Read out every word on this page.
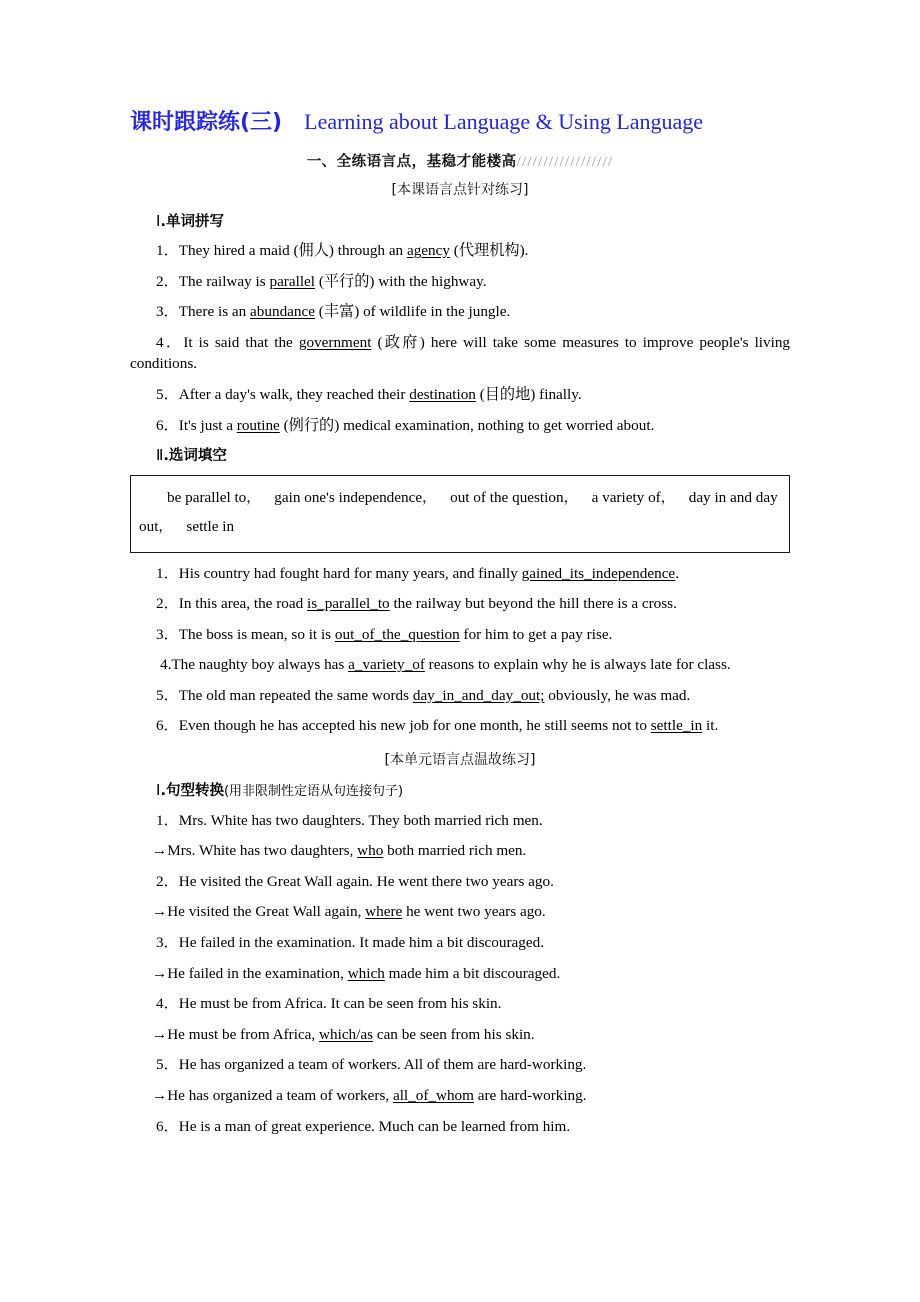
课时跟踪练(三) Learning about Language & Using Language
一、全练语言点，基稳才能楼高//////////////////
[本课语言点针对练习]
Ⅰ.单词拼写

1．They hired a maid (佣人) through an agency (代理机构).

2．The railway is parallel (平行的) with the highway.

3．There is an abundance (丰富) of wildlife in the jungle.

4．It is said that the government (政府) here will take some measures to improve people's living conditions.

5．After a day's walk, they reached their destination (目的地) finally.

6．It's just a routine (例行的) medical examination, nothing to get worried about.

Ⅱ.选词填空

be parallel to， gain one's independence， out of the question， a variety of， day in and day out， settle in

1．His country had fought hard for many years, and finally gained_its_independence.

2．In this area, the road is_parallel_to the railway but beyond the hill there is a cross.

3．The boss is mean, so it is out_of_the_question for him to get a pay rise.

4.The naughty boy always has a_variety_of reasons to explain why he is always late for class.

5．The old man repeated the same words day_in_and_day_out; obviously, he was mad.

6．Even though he has accepted his new job for one month, he still seems not to settle_in it.

[本单元语言点温故练习]
Ⅰ.句型转换(用非限制性定语从句连接句子)

1．Mrs. White has two daughters. They both married rich men.

→Mrs. White has two daughters, who both married rich men.

2．He visited the Great Wall again. He went there two years ago.

→He visited the Great Wall again, where he went two years ago.

3．He failed in the examination. It made him a bit discouraged.

→He failed in the examination, which made him a bit discouraged.

4．He must be from Africa. It can be seen from his skin.

→He must be from Africa, which/as can be seen from his skin.

5．He has organized a team of workers. All of them are hard-working.

→He has organized a team of workers, all_of_whom are hard-working.

6．He is a man of great experience. Much can be learned from him.
